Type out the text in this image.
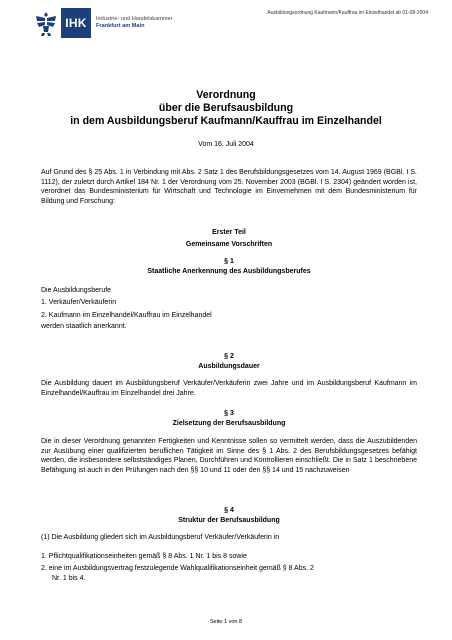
IHK	Industrie- und Handelskammer
Frankfurt am Main
Ausbildungsordnung Kaufmann/Kauffrau im Einzelhandel ab 01-08-2004
Verordnung
über die Berufsausbildung
in dem Ausbildungsberuf Kaufmann/Kauffrau im Einzelhandel
Vom 16. Juli 2004
Auf Grund des § 25 Abs. 1 in Verbindung mit Abs. 2 Satz 1 des Berufsbildungsgesetzes vom 14. August 1969 (BGBl. I S. 1112), der zuletzt durch Artikel 184 Nr. 1 der Verordnung vom 25. November 2003 (BGBl. I S. 2304) geändert worden ist, verordnet das Bundesministerium für Wirtschaft und Technologie im Einvernehmen mit dem Bundesministerium für Bildung und Forschung:
Erster Teil
Gemeinsame Vorschriften
§ 1
Staatliche Anerkennung des Ausbildungsberufes
Die Ausbildungsberufe
1. Verkäufer/Verkäuferin
2. Kaufmann im Einzelhandel/Kauffrau im Einzelhandel
werden staatlich anerkannt.
§ 2
Ausbildungsdauer
Die Ausbildung dauert im Ausbildungsberuf Verkäufer/Verkäuferin zwei Jahre und im Ausbildungsberuf Kaufmann im Einzelhandel/Kauffrau im Einzelhandel drei Jahre.
§ 3
Zielsetzung der Berufsausbildung
Die in dieser Verordnung genannten Fertigkeiten und Kenntnisse sollen so vermittelt werden, dass die Auszubildenden zur Ausübung einer qualifizierten beruflichen Tätigkeit im Sinne des § 1 Abs. 2 des Berufsbildungsgesetzes befähigt werden, die insbesondere selbstständiges Planen, Durchführen und Kontrollieren einschließt. Die in Satz 1 beschriebene Befähigung ist auch in den Prüfungen nach den §§ 10 und 11 oder den §§ 14 und 15 nachzuweisen
§ 4
Struktur der Berufsausbildung
(1) Die Ausbildung gliedert sich im Ausbildungsberuf Verkäufer/Verkäuferin in
1. Pflichtqualifikationseinheiten gemäß § 8 Abs. 1 Nr. 1 bis 8 sowie
2. eine im Ausbildungsvertrag festzulegende Wahlqualifikationseinheit gemäß § 8 Abs. 2
Nr. 1 bis 4.
Seite 1 von 8
